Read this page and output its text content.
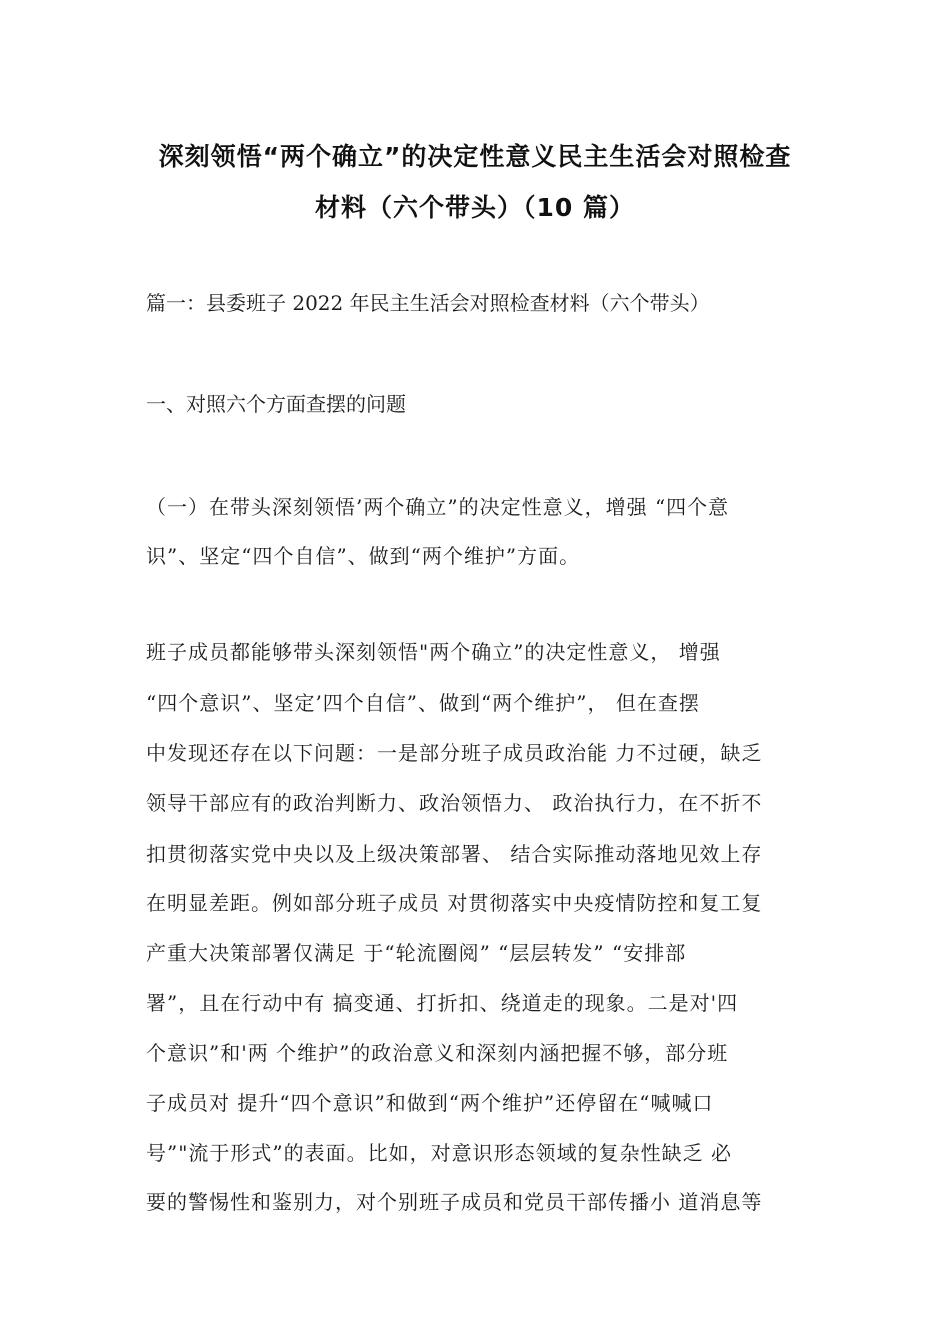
深刻领悟“两个确立”的决定性意义民主生活会对照检查
材料（六个带头）（10 篇）
篇一：县委班子 2022 年民主生活会对照检查材料（六个带头）
一、对照六个方面查摆的问题
（一）在带头深刻领悟’两个确立”的决定性意义，增强 “四个意
识”、坚定“四个自信”、做到“两个维护”方面。
班子成员都能够带头深刻领悟"两个确立”的决定性意义， 增强
“四个意识”、坚定’四个自信”、做到“两个维护”， 但在查摆
中发现还存在以下问题：一是部分班子成员政治能 力不过硬，缺乏
领导干部应有的政治判断力、政治领悟力、 政治执行力，在不折不
扣贯彻落实党中央以及上级决策部署、 结合实际推动落地见效上存
在明显差距。例如部分班子成员 对贯彻落实中央疫情防控和复工复
产重大决策部署仅满足 于“轮流圈阅” “层层转发” “安排部
署”，且在行动中有 搞变通、打折扣、绕道走的现象。二是对'四
个意识”和'两 个维护”的政治意义和深刻内涵把握不够，部分班
子成员对 提升“四个意识”和做到“两个维护”还停留在“喊喊口
号”"流于形式”的表面。比如，对意识形态领域的复杂性缺乏 必
要的警惕性和鉴别力，对个别班子成员和党员干部传播小 道消息等
